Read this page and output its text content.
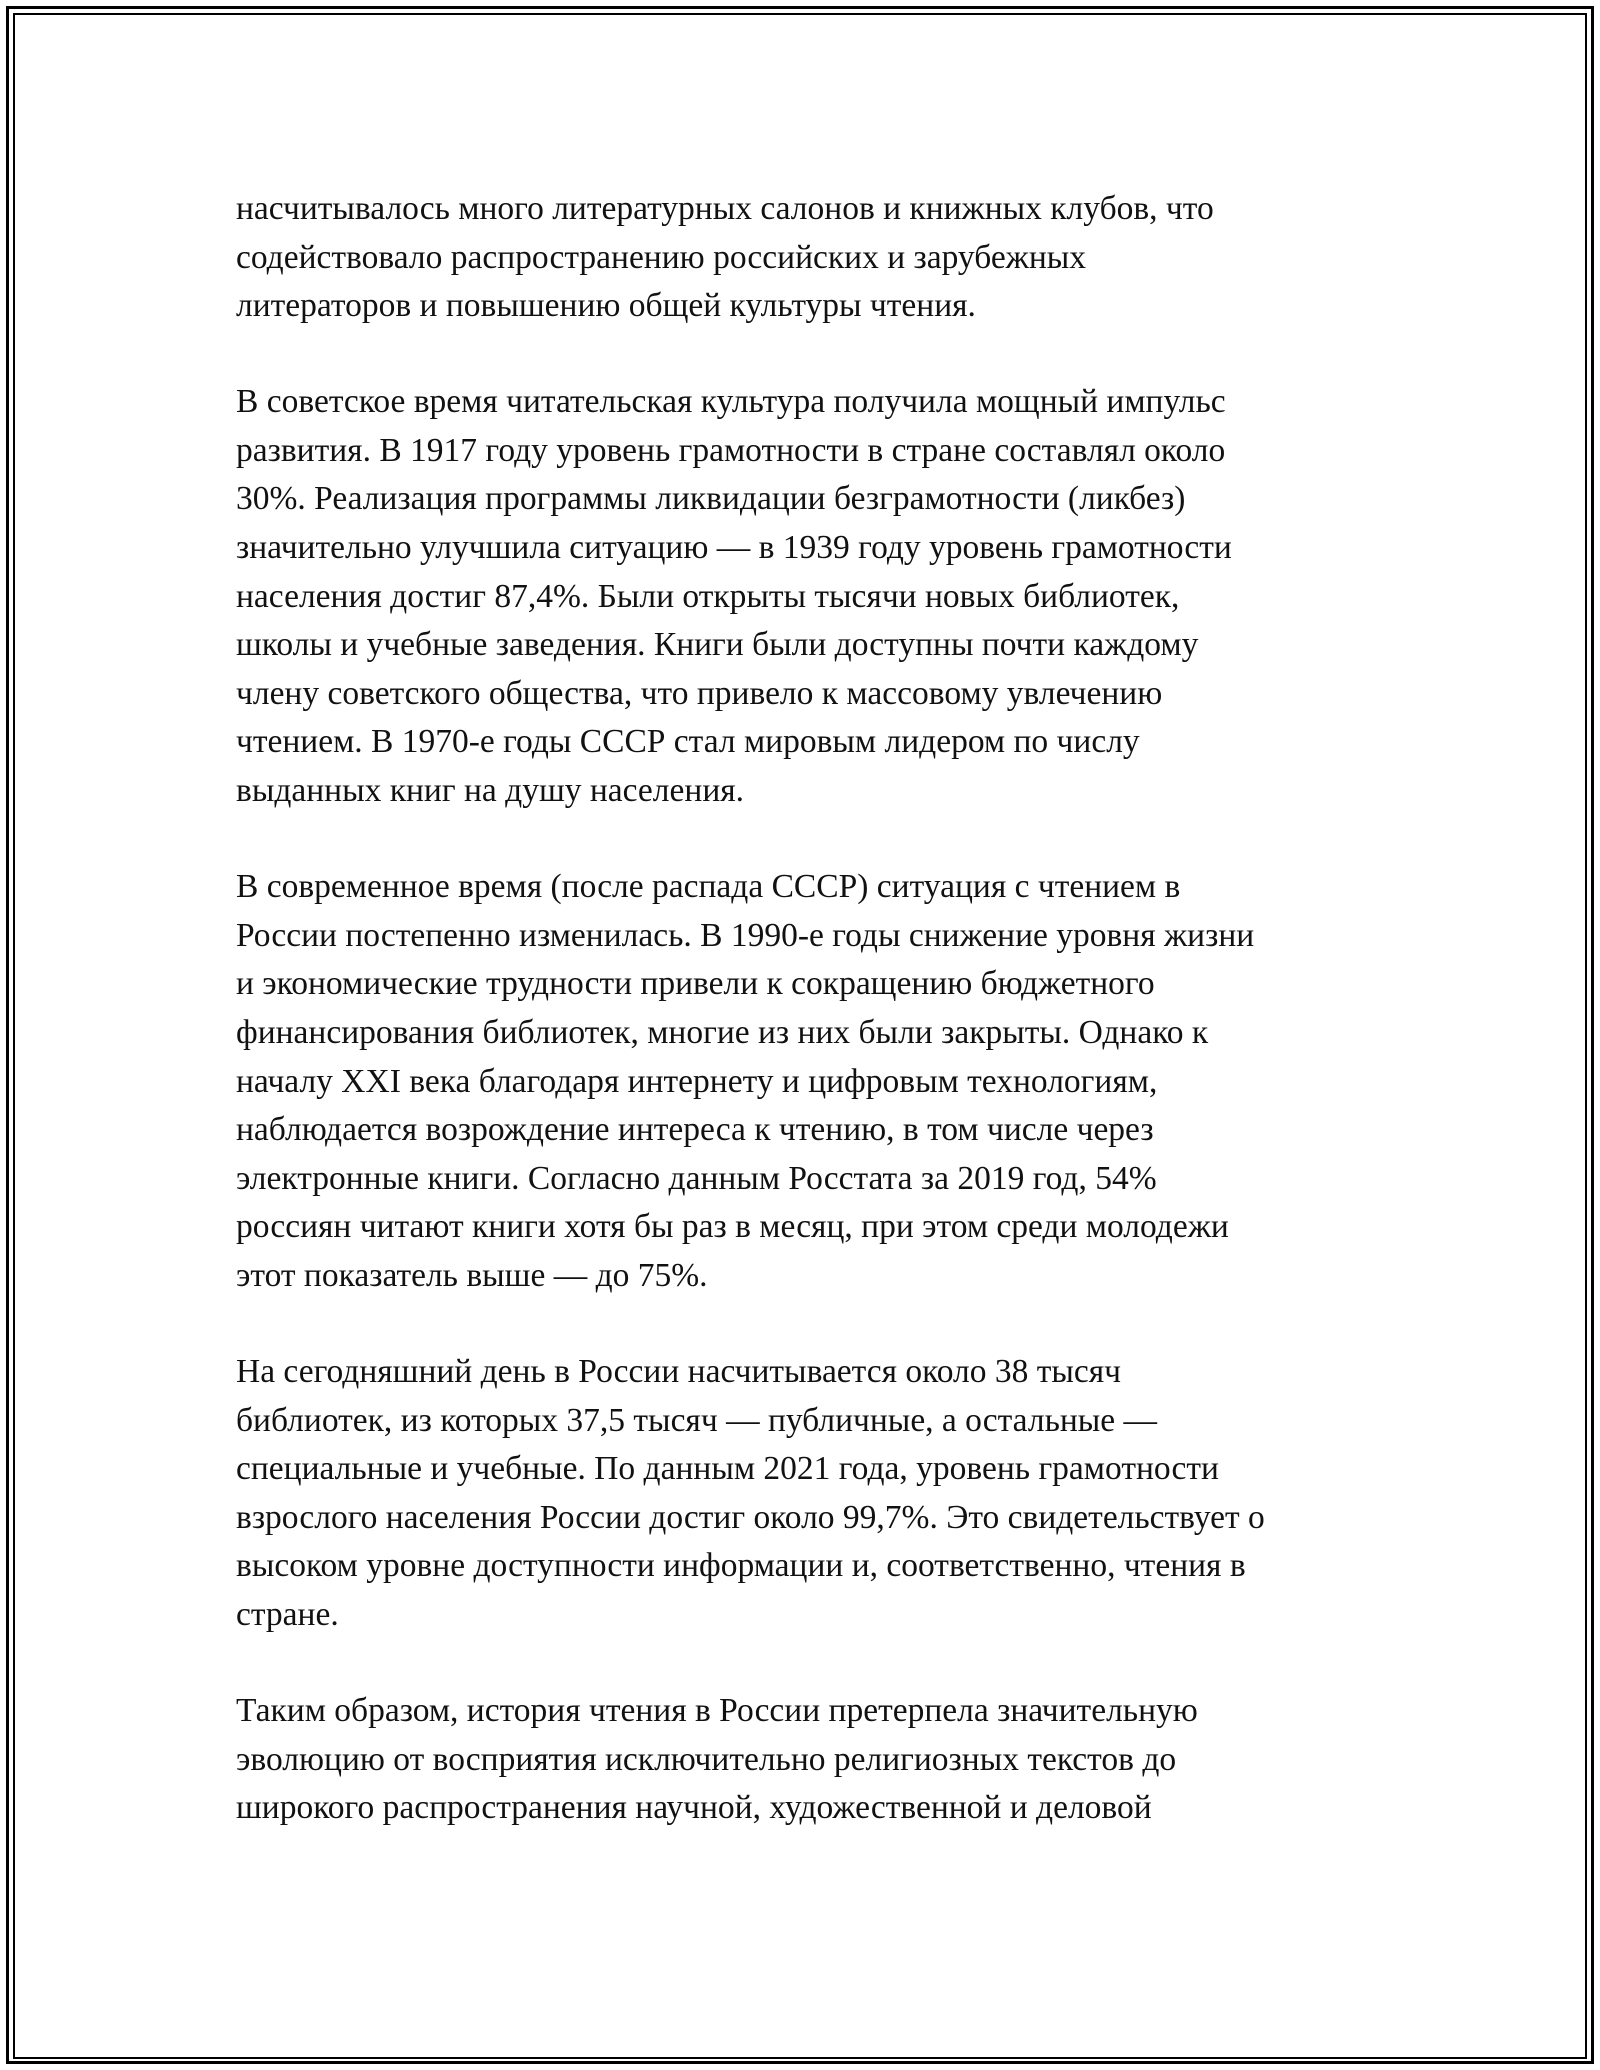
насчитывалось много литературных салонов и книжных клубов, что
содействовало распространению российских и зарубежных
литераторов и повышению общей культуры чтения.
В советское время читательская культура получила мощный импульс
развития. В 1917 году уровень грамотности в стране составлял около
30%. Реализация программы ликвидации безграмотности (ликбез)
значительно улучшила ситуацию — в 1939 году уровень грамотности
населения достиг 87,4%. Были открыты тысячи новых библиотек,
школы и учебные заведения. Книги были доступны почти каждому
члену советского общества, что привело к массовому увлечению
чтением. В 1970-е годы СССР стал мировым лидером по числу
выданных книг на душу населения.
В современное время (после распада СССР) ситуация с чтением в
России постепенно изменилась. В 1990-е годы снижение уровня жизни
и экономические трудности привели к сокращению бюджетного
финансирования библиотек, многие из них были закрыты. Однако к
началу XXI века благодаря интернету и цифровым технологиям,
наблюдается возрождение интереса к чтению, в том числе через
электронные книги. Согласно данным Росстата за 2019 год, 54%
россиян читают книги хотя бы раз в месяц, при этом среди молодежи
этот показатель выше — до 75%.
На сегодняшний день в России насчитывается около 38 тысяч
библиотек, из которых 37,5 тысяч — публичные, а остальные —
специальные и учебные. По данным 2021 года, уровень грамотности
взрослого населения России достиг около 99,7%. Это свидетельствует о
высоком уровне доступности информации и, соответственно, чтения в
стране.
Таким образом, история чтения в России претерпела значительную
эволюцию от восприятия исключительно религиозных текстов до
широкого распространения научной, художественной и деловой
